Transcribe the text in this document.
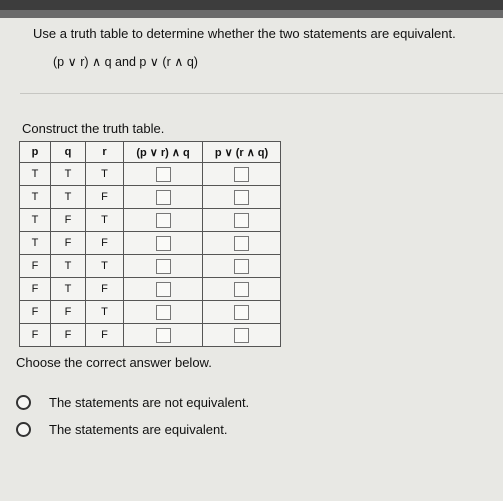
Use a truth table to determine whether the two statements are equivalent.
(p ∨ r) ∧ q and p ∨ (r ∧ q)
Construct the truth table.
p	q	r	(p ∨ r) ∧ q	p ∨ (r ∧ q)
T	T	T		
T	T	F		
T	F	T		
T	F	F		
F	T	T		
F	T	F		
F	F	T		
F	F	F		
Choose the correct answer below.
The statements are not equivalent.
The statements are equivalent.
